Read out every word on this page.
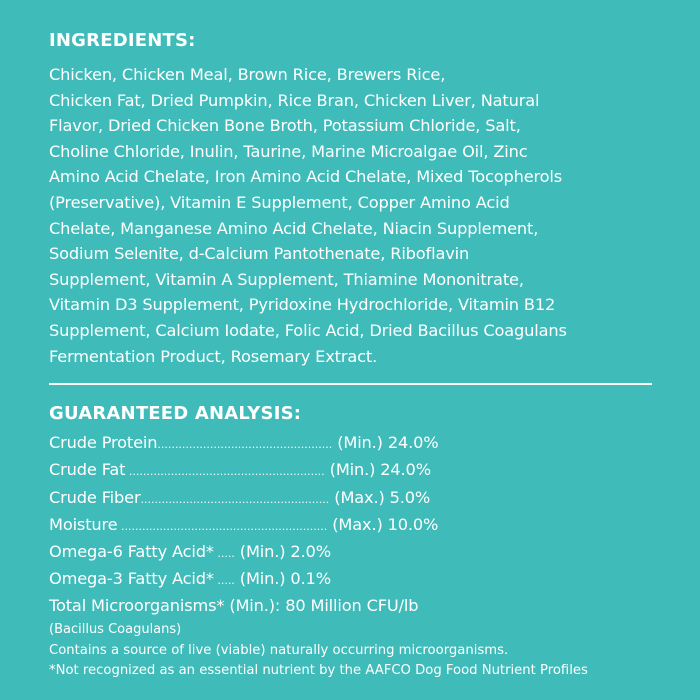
INGREDIENTS:
Chicken, Chicken Meal, Brown Rice, Brewers Rice,
Chicken Fat, Dried Pumpkin, Rice Bran, Chicken Liver, Natural
Flavor, Dried Chicken Bone Broth, Potassium Chloride, Salt,
Choline Chloride, Inulin, Taurine, Marine Microalgae Oil, Zinc
Amino Acid Chelate, Iron Amino Acid Chelate, Mixed Tocopherols
(Preservative), Vitamin E Supplement, Copper Amino Acid
Chelate, Manganese Amino Acid Chelate, Niacin Supplement,
Sodium Selenite, d-Calcium Pantothenate, Riboflavin
Supplement, Vitamin A Supplement, Thiamine Mononitrate,
Vitamin D3 Supplement, Pyridoxine Hydrochloride, Vitamin B12
Supplement, Calcium Iodate, Folic Acid, Dried Bacillus Coagulans
Fermentation Product, Rosemary Extract.
GUARANTEED ANALYSIS:
Crude Protein.................................................. (Min.) 24.0%
Crude Fat ........................................................ (Min.) 24.0%
Crude Fiber...................................................... (Max.) 5.0%
Moisture ........................................................... (Max.) 10.0%
Omega-6 Fatty Acid* ..... (Min.) 2.0%
Omega-3 Fatty Acid* ..... (Min.) 0.1%
Total Microorganisms* (Min.): 80 Million CFU/lb
(Bacillus Coagulans)
Contains a source of live (viable) naturally occurring microorganisms.
*Not recognized as an essential nutrient by the AAFCO Dog Food Nutrient Profiles
